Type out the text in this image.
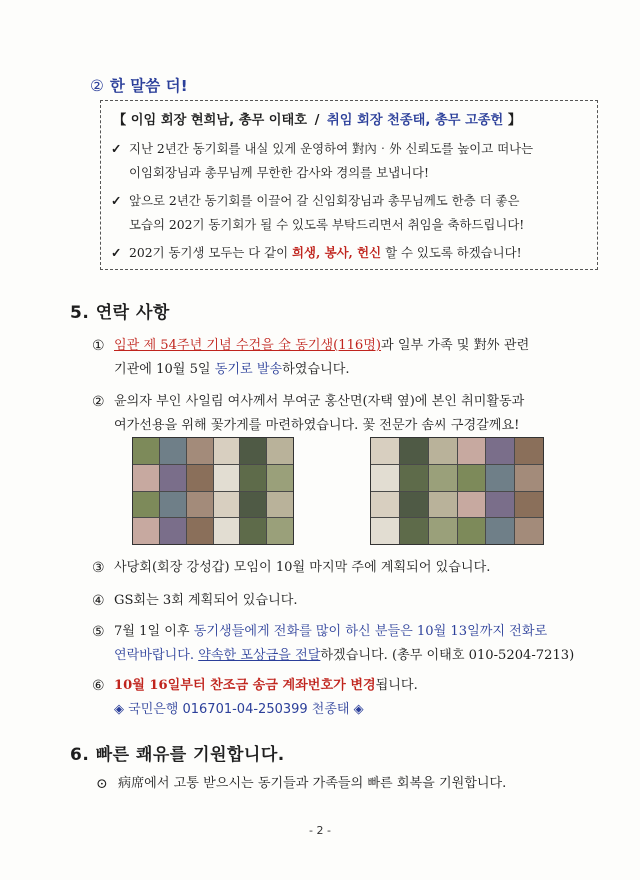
② 한 말씀 더!
【 이임 회장 현희남, 총무 이태호 / 취임 회장 천종태, 총무 고종헌 】
✓ 지난 2년간 동기회를 내실 있게 운영하여 對內‧外 신뢰도를 높이고 떠나는
이임회장님과 총무님께 무한한 감사와 경의를 보냅니다!
✓ 앞으로 2년간 동기회를 이끌어 갈 신임회장님과 총무님께도 한층 더 좋은
모습의 202기 동기회가 될 수 있도록 부탁드리면서 취임을 축하드립니다!
✓ 202기 동기생 모두는 다 같이 희생, 봉사, 헌신 할 수 있도록 하겠습니다!
5. 연락 사항
① 임관 제 54주년 기념 수건을 全 동기생(116명)과 일부 가족 및 對外 관련
기관에 10월 5일 동기로 발송하였습니다.
② 윤의자 부인 사일림 여사께서 부여군 홍산면(자택 옆)에 본인 취미활동과
여가선용을 위해 꽃가게를 마련하였습니다. 꽃 전문가 솜씨 구경갈께요!
③ 사당회(회장 강성갑) 모임이 10월 마지막 주에 계획되어 있습니다.
④ GS회는 3회 계획되어 있습니다.
⑤ 7월 1일 이후 동기생들에게 전화를 많이 하신 분들은 10월 13일까지 전화로
연락바랍니다. 약속한 포상금을 전달하겠습니다. (총무 이태호 010-5204-7213)
⑥ 10월 16일부터 찬조금 송금 계좌번호가 변경됩니다.
◈ 국민은행 016701-04-250399 천종태 ◈
6. 빠른 쾌유를 기원합니다.
⊙ 病席에서 고통 받으시는 동기들과 가족들의 빠른 회복을 기원합니다.
- 2 -
